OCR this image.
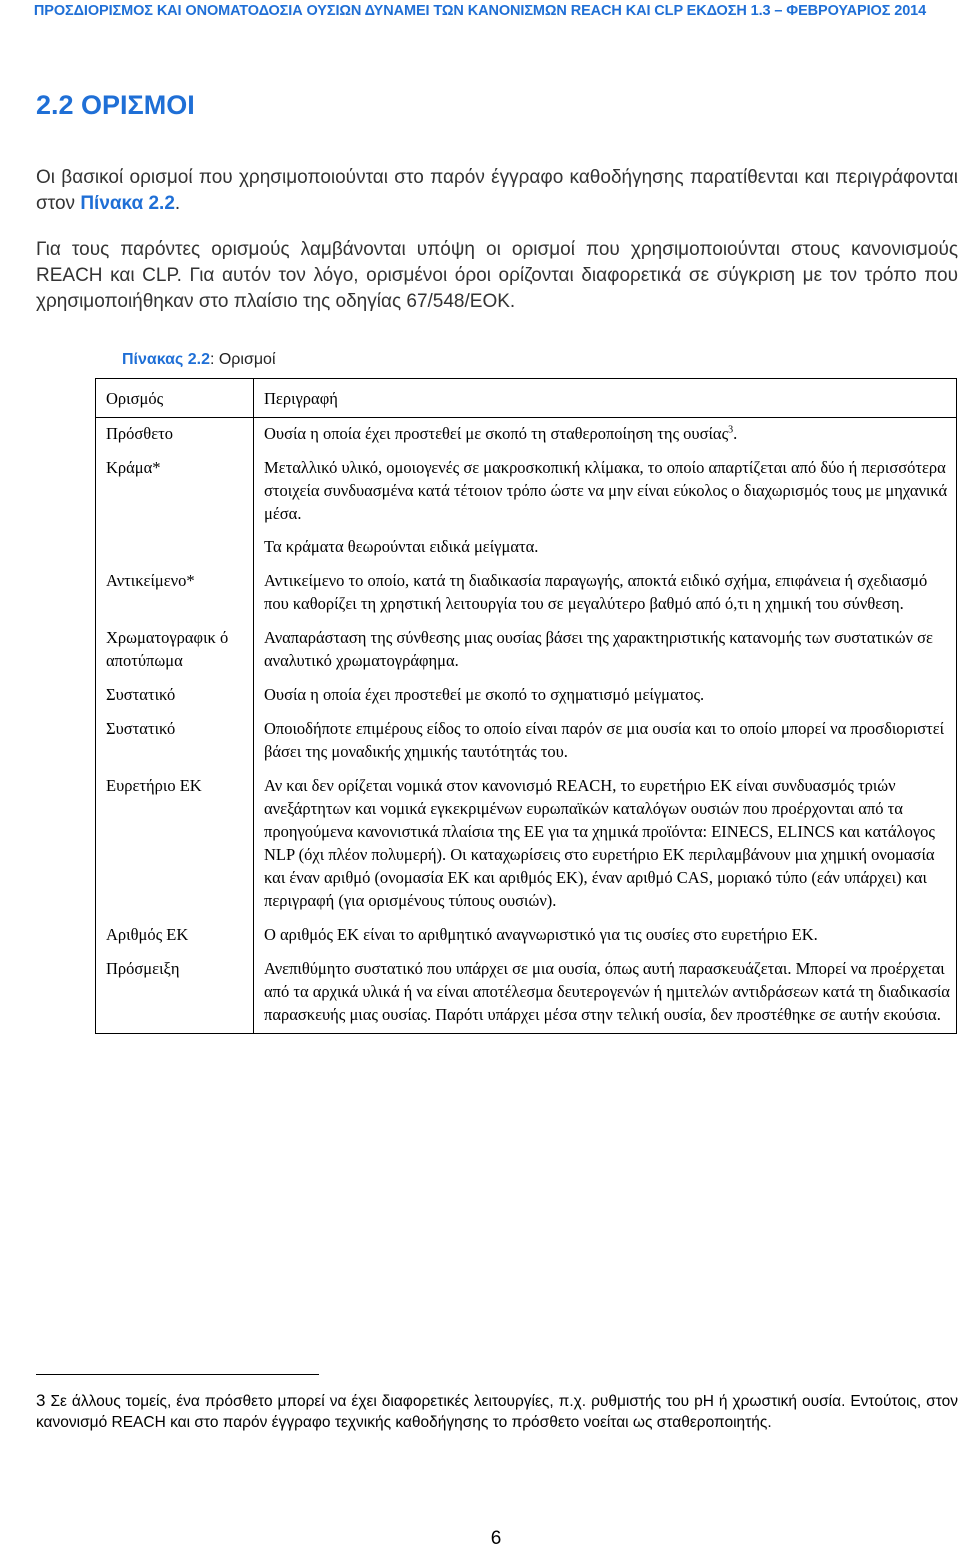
ΠΡΟΣΔΙΟΡΙΣΜΟΣ ΚΑΙ ΟΝΟΜΑΤΟΔΟΣΙΑ ΟΥΣΙΩΝ ΔΥΝΑΜΕΙ ΤΩΝ ΚΑΝΟΝΙΣΜΩΝ REACH ΚΑΙ CLP ΕΚΔΟΣΗ 1.3 – ΦΕΒΡΟΥΑΡΙΟΣ 2014
2.2 ΟΡΙΣΜΟΙ

Οι βασικοί ορισμοί που χρησιμοποιούνται στο παρόν έγγραφο καθοδήγησης παρατίθενται και περιγράφονται στον Πίνακα 2.2.

Για τους παρόντες ορισμούς λαμβάνονται υπόψη οι ορισμοί που χρησιμοποιούνται στους κανονισμούς REACH και CLP. Για αυτόν τον λόγο, ορισμένοι όροι ορίζονται διαφορετικά σε σύγκριση με τον τρόπο που χρησιμοποιήθηκαν στο πλαίσιο της οδηγίας 67/548/ΕΟΚ.

Πίνακας 2.2: Ορισμοί
Ορισμός	Περιγραφή
Πρόσθετο	Ουσία η οποία έχει προστεθεί με σκοπό τη σταθεροποίηση της ουσίας$^3$.
Κράμα*	Μεταλλικό υλικό, ομοιογενές σε μακροσκοπική κλίμακα, το οποίο απαρτίζεται από δύο ή περισσότερα στοιχεία συνδυασμένα κατά τέτοιον τρόπο ώστε να μην είναι εύκολος ο διαχωρισμός τους με μηχανικά μέσα.
Τα κράματα θεωρούνται ειδικά μείγματα.

Αντικείμενο*	Αντικείμενο το οποίο, κατά τη διαδικασία παραγωγής, αποκτά ειδικό σχήμα, επιφάνεια ή σχεδιασμό που καθορίζει τη χρηστική λειτουργία του σε μεγαλύτερο βαθμό από ό,τι η χημική του σύνθεση.
Χρωματογραφικ ό αποτύπωμα	Αναπαράσταση της σύνθεσης μιας ουσίας βάσει της χαρακτηριστικής κατανομής των συστατικών σε αναλυτικό χρωματογράφημα.
Συστατικό	Ουσία η οποία έχει προστεθεί με σκοπό το σχηματισμό μείγματος.
Συστατικό	Οποιοδήποτε επιμέρους είδος το οποίο είναι παρόν σε μια ουσία και το οποίο μπορεί να προσδιοριστεί βάσει της μοναδικής χημικής ταυτότητάς του.
Ευρετήριο ΕΚ	Αν και δεν ορίζεται νομικά στον κανονισμό REACH, το ευρετήριο ΕΚ είναι συνδυασμός τριών ανεξάρτητων και νομικά εγκεκριμένων ευρωπαϊκών καταλόγων ουσιών που προέρχονται από τα προηγούμενα κανονιστικά πλαίσια της ΕΕ για τα χημικά προϊόντα: EINECS, ELINCS και κατάλογος NLP (όχι πλέον πολυμερή). Οι καταχωρίσεις στο ευρετήριο ΕΚ περιλαμβάνουν μια χημική ονομασία και έναν αριθμό (ονομασία ΕΚ και αριθμός ΕΚ), έναν αριθμό CAS, μοριακό τύπο (εάν υπάρχει) και περιγραφή (για ορισμένους τύπους ουσιών).
Αριθμός ΕΚ	Ο αριθμός ΕΚ είναι το αριθμητικό αναγνωριστικό για τις ουσίες στο ευρετήριο ΕΚ.
Πρόσμειξη	Ανεπιθύμητο συστατικό που υπάρχει σε μια ουσία, όπως αυτή παρασκευάζεται. Μπορεί να προέρχεται από τα αρχικά υλικά ή να είναι αποτέλεσμα δευτερογενών ή ημιτελών αντιδράσεων κατά τη διαδικασία παρασκευής μιας ουσίας. Παρότι υπάρχει μέσα στην τελική ουσία, δεν προστέθηκε σε αυτήν εκούσια.

3 Σε άλλους τομείς, ένα πρόσθετο μπορεί να έχει διαφορετικές λειτουργίες, π.χ. ρυθμιστής του pH ή χρωστική ουσία. Εντούτοις, στον κανονισμό REACH και στο παρόν έγγραφο τεχνικής καθοδήγησης το πρόσθετο νοείται ως σταθεροποιητής.

6
